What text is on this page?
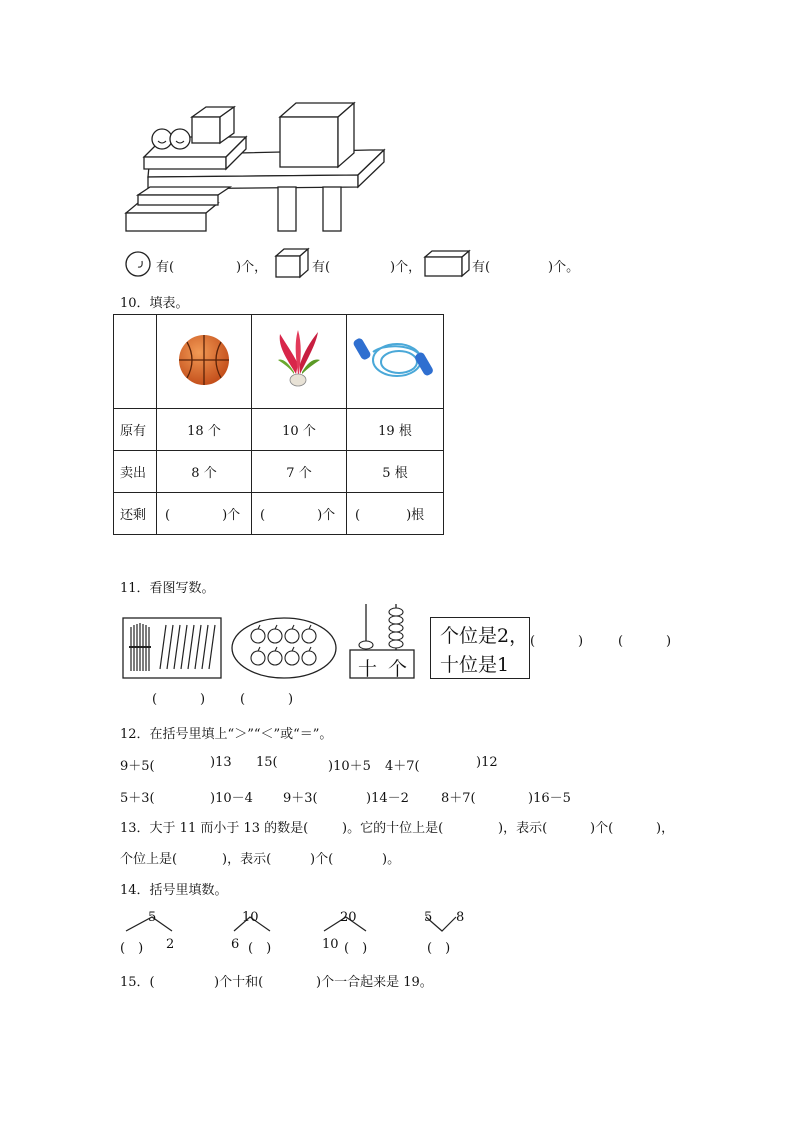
有(	)个，	有(	)个，	有(	)个。
10．填表。

原有	18 个	10 个	19 根
卖出	8 个	7 个	5 根
还剩	( )个	( )个	( )根
11．看图写数。
十 个
个位是2，
十位是1
(	)	(	)
(	)	(	)
12．在括号里填上“＞”“＜”或“＝”。
9＋5(	)13 15(	)10＋5 4＋7(	)12
5＋3(	)10－4 9＋3(	)14－2 8＋7(	)16－5
13．大于 11 而小于 13 的数是(	)。它的十位上是(	)，表示(	)个(	)，
个位上是(	)，表示(	)个(	)。
14．括号里填数。
5
(　) 2
10
6 (　)
20
10 (　)
5 8
(　)
15．(	)个十和(	)个一合起来是 19。
